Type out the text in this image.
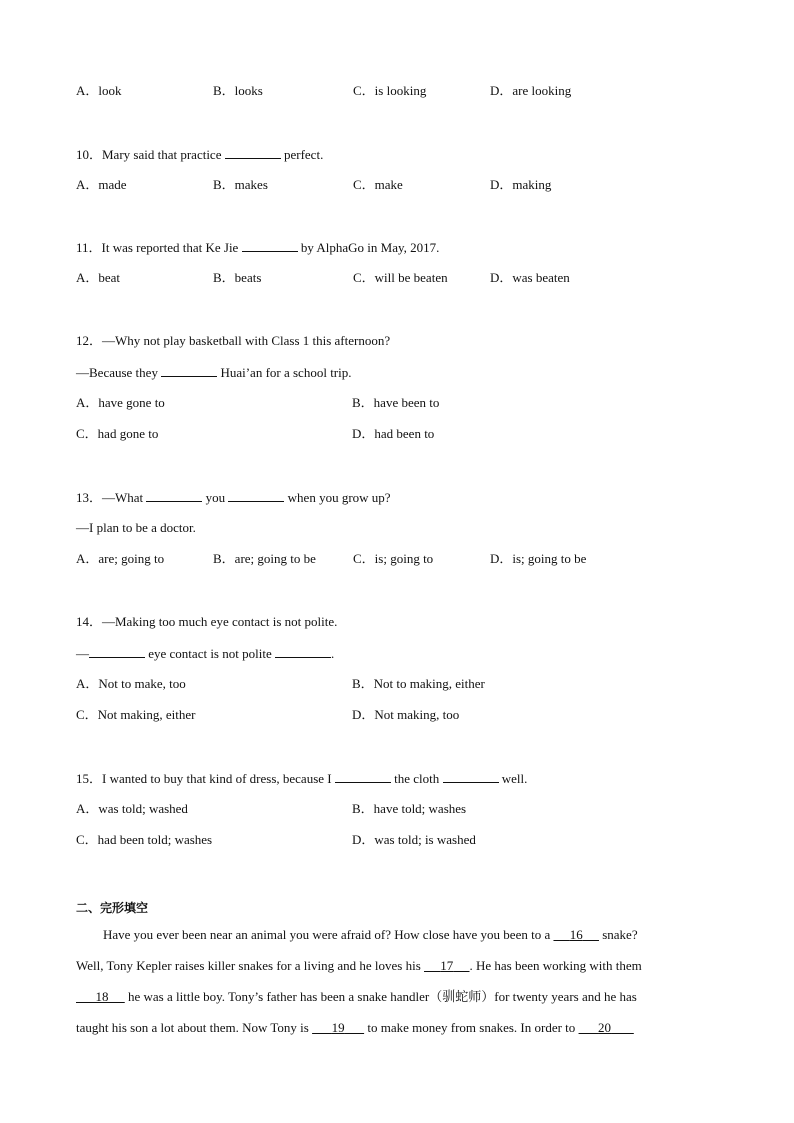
A．look	B．looks	C．is looking	D．are looking
10．Mary said that practice	perfect.
A．made	B．makes	C．make	D．making
11．It was reported that Ke Jie	by AlphaGo in May, 2017.
A．beat	B．beats	C．will be beaten	D．was beaten
12．—Why not play basketball with Class 1 this afternoon?
—Because they	Huai’an for a school trip.
A．have gone to	B．have been to
C．had gone to	D．had been to
13．—What	you	when you grow up?
—I plan to be a doctor.
A．are; going to	B．are; going to be	C．is; going to	D．is; going to be
14．—Making too much eye contact is not polite.
—	eye contact is not polite	.
A．Not to make, too	B．Not to making, either
C．Not making, either	D．Not making, too
15．I wanted to buy that kind of dress, because I	the cloth	well.
A．was told; washed	B．have told; washes
C．had been told; washes	D．was told; is washed
二、完形填空
Have you ever been near an animal you were afraid of? How close have you been to a      16      snake?
Well, Tony Kepler raises killer snakes for a living and he loves his      17 . He has been working with them
18      he was a little boy. Tony’s father has been a snake handler（驯蛇师）for twenty years and he has
taught his son a lot about them. Now Tony is       19       to make money from snakes. In order to       20
